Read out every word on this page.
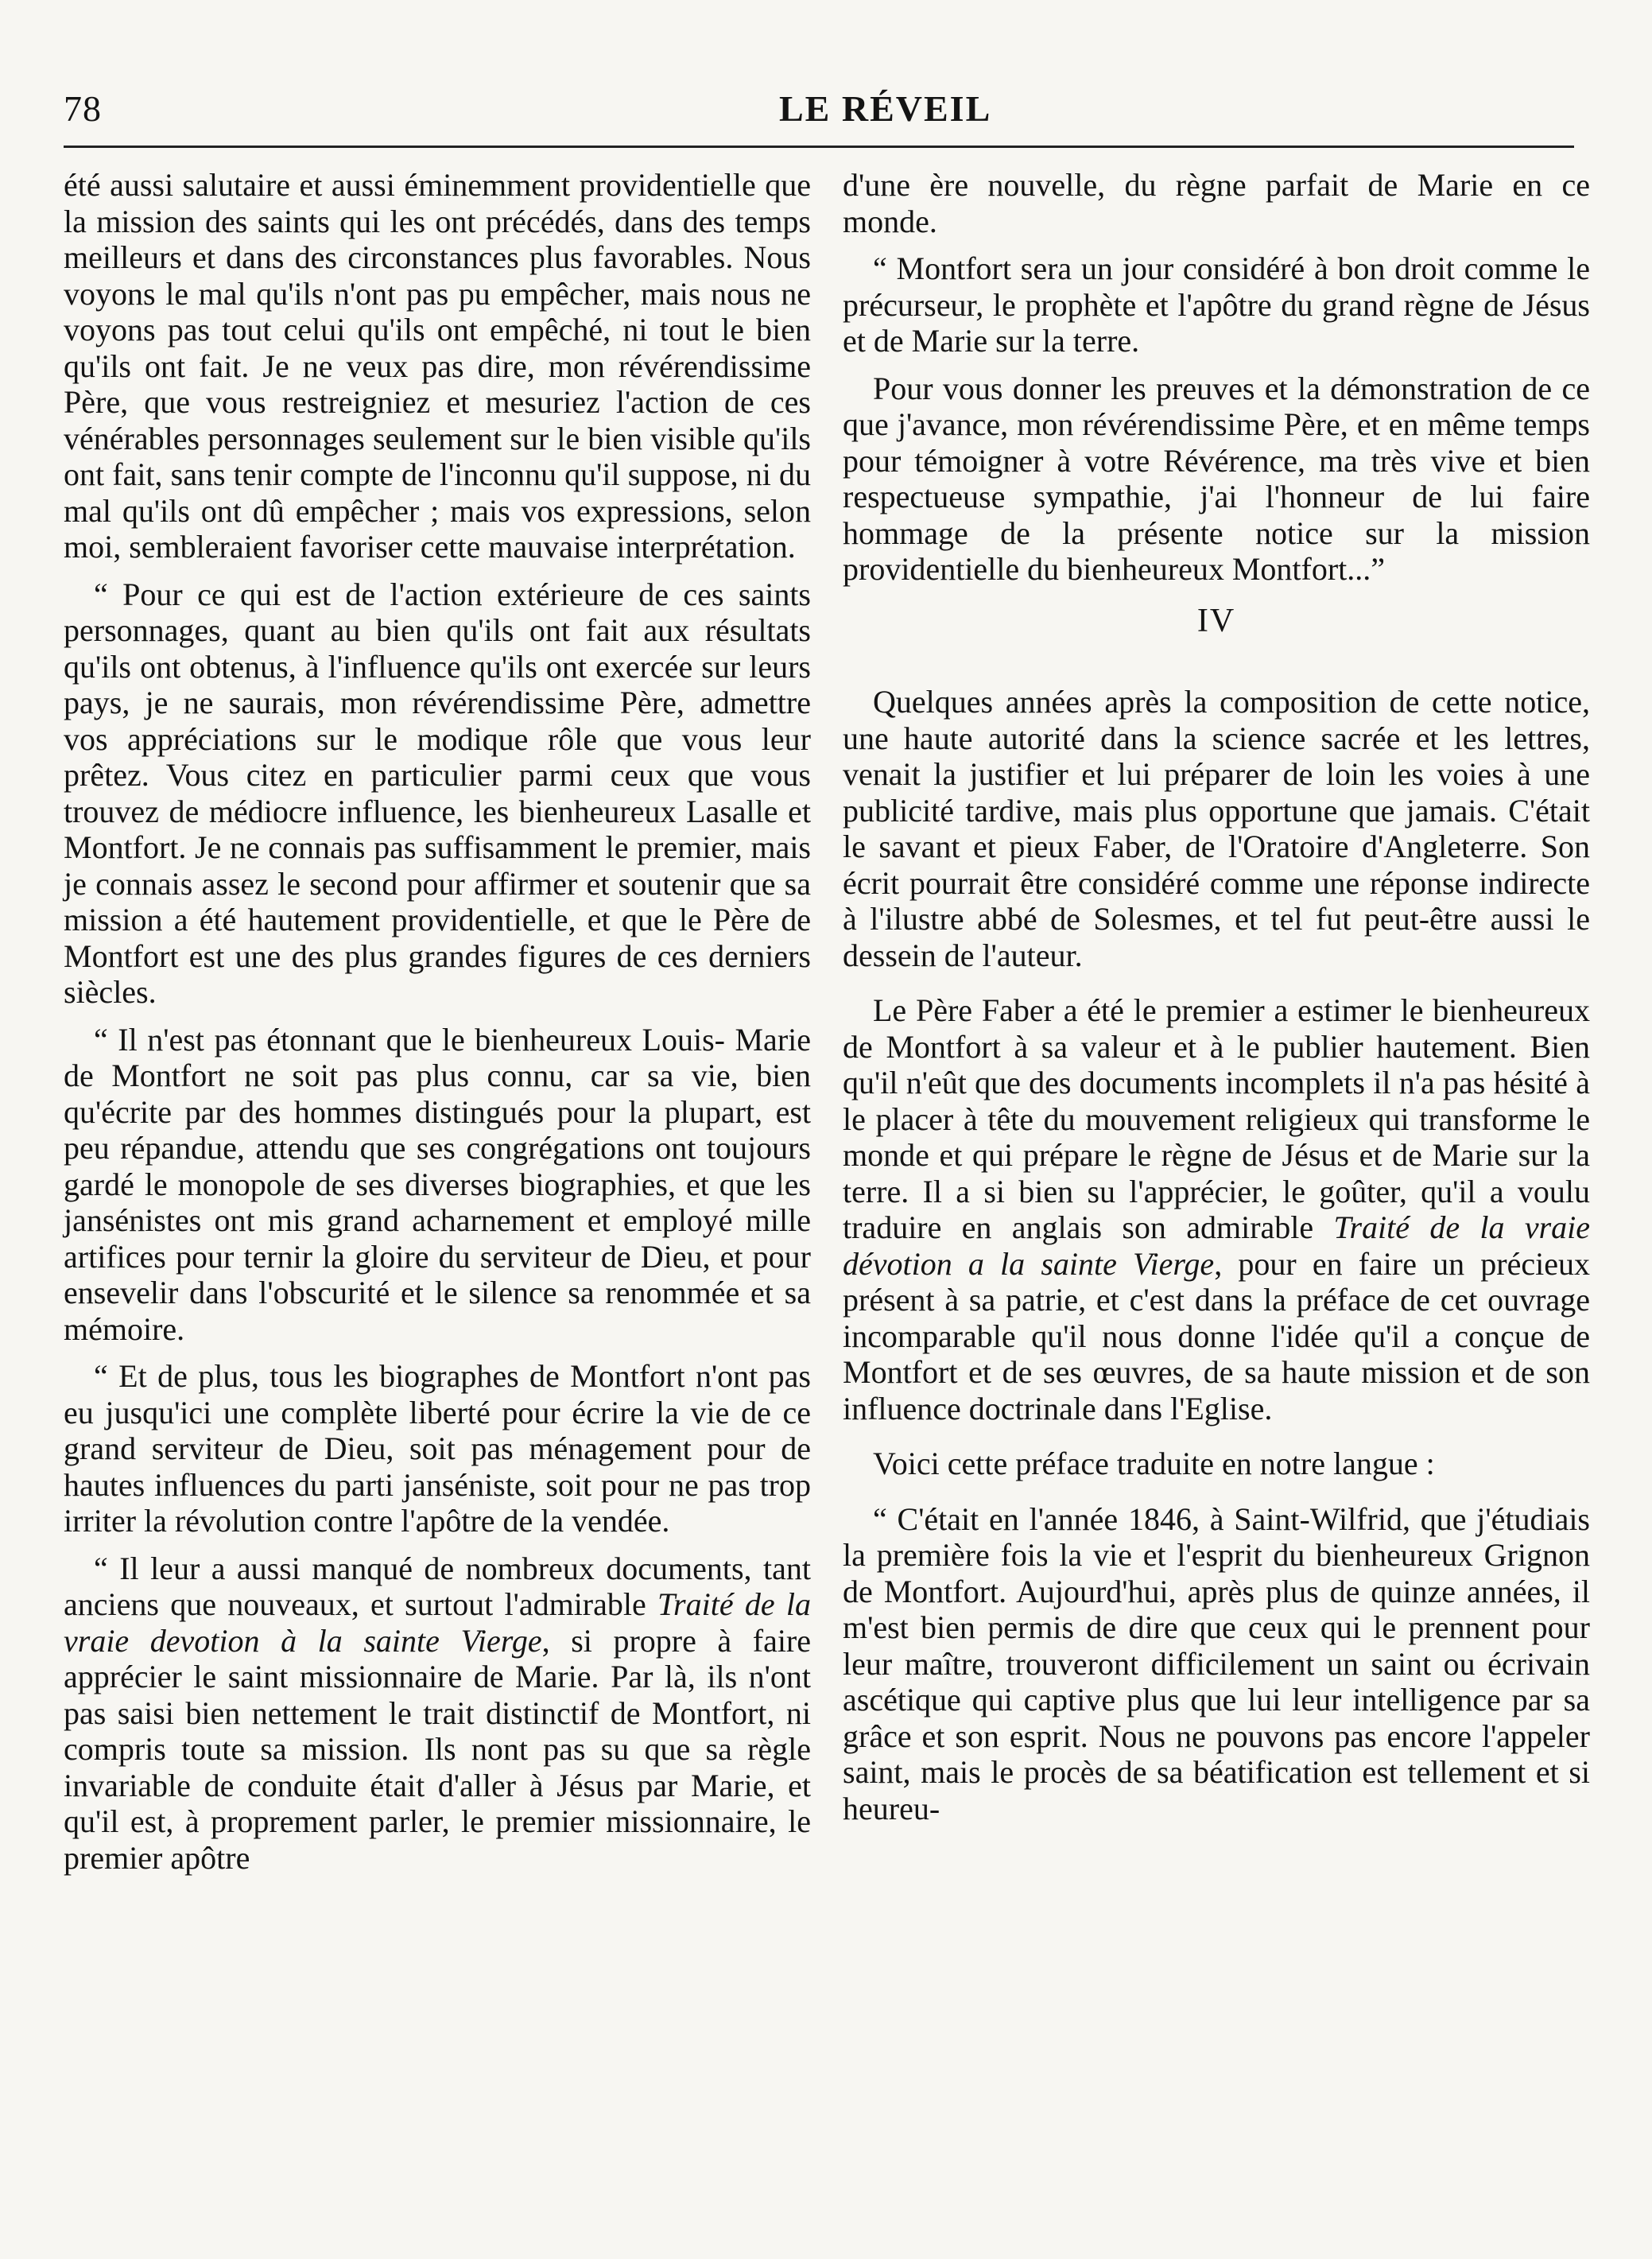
78	LE RÉVEIL

été aussi salutaire et aussi éminemment providentielle que la mission des saints qui les ont précédés, dans des temps meilleurs et dans des circonstances plus favorables. Nous voyons le mal qu'ils n'ont pas pu empêcher, mais nous ne voyons pas tout celui qu'ils ont empêché, ni tout le bien qu'ils ont fait. Je ne veux pas dire, mon révérendissime Père, que vous restreigniez et mesuriez l'action de ces vénérables personnages seulement sur le bien visible qu'ils ont fait, sans tenir compte de l'inconnu qu'il suppose, ni du mal qu'ils ont dû empêcher ; mais vos expressions, selon moi, sembleraient favoriser cette mauvaise interprétation.

“ Pour ce qui est de l'action extérieure de ces saints personnages, quant au bien qu'ils ont fait aux résultats qu'ils ont obtenus, à l'influence qu'ils ont exercée sur leurs pays, je ne saurais, mon révérendissime Père, admettre vos appréciations sur le modique rôle que vous leur prêtez. Vous citez en particulier parmi ceux que vous trouvez de médiocre influence, les bienheureux Lasalle et Montfort. Je ne connais pas suffisamment le premier, mais je connais assez le second pour affirmer et soutenir que sa mission a été hautement providentielle, et que le Père de Montfort est une des plus grandes figures de ces derniers siècles.

“ Il n'est pas étonnant que le bienheureux Louis- Marie de Montfort ne soit pas plus connu, car sa vie, bien qu'écrite par des hommes distingués pour la plupart, est peu répandue, attendu que ses congrégations ont toujours gardé le monopole de ses diverses biographies, et que les jansénistes ont mis grand acharnement et employé mille artifices pour ternir la gloire du serviteur de Dieu, et pour ensevelir dans l'obscurité et le silence sa renommée et sa mémoire.

“ Et de plus, tous les biographes de Montfort n'ont pas eu jusqu'ici une complète liberté pour écrire la vie de ce grand serviteur de Dieu, soit pas ménagement pour de hautes influences du parti janséniste, soit pour ne pas trop irriter la révolution contre l'apôtre de la vendée.

“ Il leur a aussi manqué de nombreux documents, tant anciens que nouveaux, et surtout l'admirable Traité de la vraie devotion à la sainte Vierge, si propre à faire apprécier le saint missionnaire de Marie. Par là, ils n'ont pas saisi bien nettement le trait distinctif de Montfort, ni compris toute sa mission. Ils nont pas su que sa règle invariable de conduite était d'aller à Jésus par Marie, et qu'il est, à proprement parler, le premier missionnaire, le premier apôtre

d'une ère nouvelle, du règne parfait de Marie en ce monde.

“ Montfort sera un jour considéré à bon droit comme le précurseur, le prophète et l'apôtre du grand règne de Jésus et de Marie sur la terre.

Pour vous donner les preuves et la démonstration de ce que j'avance, mon révérendissime Père, et en même temps pour témoigner à votre Révérence, ma très vive et bien respectueuse sympathie, j'ai l'honneur de lui faire hommage de la présente notice sur la mission providentielle du bienheureux Montfort...”

IV

Quelques années après la composition de cette notice, une haute autorité dans la science sacrée et les lettres, venait la justifier et lui préparer de loin les voies à une publicité tardive, mais plus opportune que jamais. C'était le savant et pieux Faber, de l'Oratoire d'Angleterre. Son écrit pourrait être considéré comme une réponse indirecte à l'ilustre abbé de Solesmes, et tel fut peut-être aussi le dessein de l'auteur.

Le Père Faber a été le premier a estimer le bienheureux de Montfort à sa valeur et à le publier hautement. Bien qu'il n'eût que des documents incomplets il n'a pas hésité à le placer à tête du mouvement religieux qui transforme le monde et qui prépare le règne de Jésus et de Marie sur la terre. Il a si bien su l'apprécier, le goûter, qu'il a voulu traduire en anglais son admirable Traité de la vraie dévotion a la sainte Vierge, pour en faire un précieux présent à sa patrie, et c'est dans la préface de cet ouvrage incomparable qu'il nous donne l'idée qu'il a conçue de Montfort et de ses œuvres, de sa haute mission et de son influence doctrinale dans l'Eglise.

Voici cette préface traduite en notre langue :

“ C'était en l'année 1846, à Saint-Wilfrid, que j'étudiais la première fois la vie et l'esprit du bienheureux Grignon de Montfort. Aujourd'hui, après plus de quinze années, il m'est bien permis de dire que ceux qui le prennent pour leur maître, trouveront difficilement un saint ou écrivain ascétique qui captive plus que lui leur intelligence par sa grâce et son esprit. Nous ne pouvons pas encore l'appeler saint, mais le procès de sa béatification est tellement et si heureu-
